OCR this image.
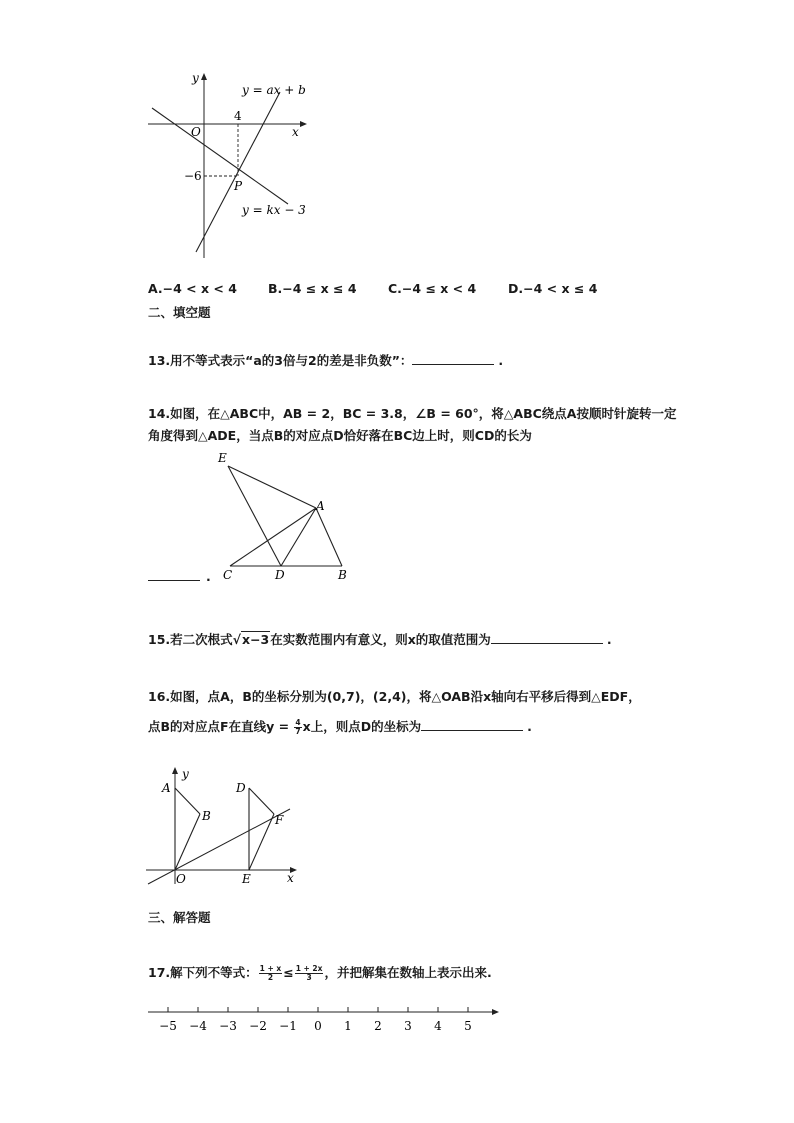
y
x
O
y = ax + b
y = kx − 3
4
−6
P
A.−4 < x < 4 B.−4 ≤ x ≤ 4	C.−4 ≤ x < 4	D.−4 < x ≤ 4
二、填空题
13.用不等式表示“a的3倍与2的差是非负数”：	.
14.如图，在△ABC中，AB = 2，BC = 3.8，∠B = 60°，将△ABC绕点A按顺时针旋转一定
角度得到△ADE，当点B的对应点D恰好落在BC边上时，则CD的长为
E
A
C	D	B
.
15.若二次根式√x−3在实数范围内有意义，则x的取值范围为	.
16.如图，点A，B的坐标分别为(0,7)，(2,4)，将△OAB沿x轴向右平移后得到△EDF，
点B的对应点F在直线$y = \frac{4}{7}$ x上，则点D的坐标为	.
y
x
A
B
D
F
O	E
三、解答题
17.解下列不等式： $\frac{1 + x}{2} \le \frac{1 + 2x}{3}$ ，并把解集在数轴上表示出来.
−5 −4 −3 −2 −1 0 1 2 3 4 5
